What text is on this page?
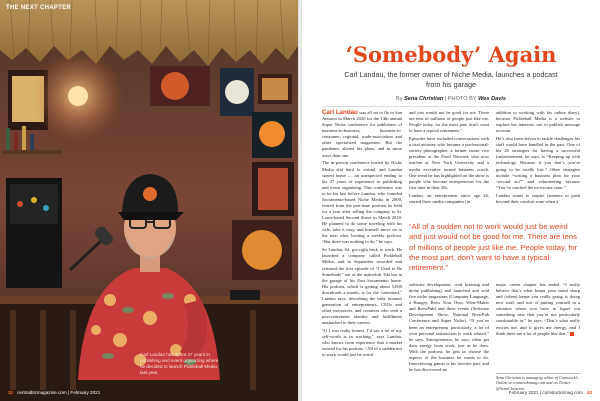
THE NEXT CHAPTER
Carl Landau has spent 37 years in publishing and event organizing where he decided to launch Pickleball Media last year.
32 centralbizmagazine.com | February 2021
‘Somebody’ Again
Carl Landau, the former owner of Niche Media, launches a podcast from his garage
By Sena Christian | PHOTO BY Wes Davis

Carl Landau was all set to fly to San Antonio in March 2020 for the 14th annual Super Niche conference for publishers of business-to-business, business-to-consumer, regional, trade-association and other specialized magazines. But the pandemic altered his plans, and in more ways than one.

The in-person conference hosted by Niche Media slid hard to virtual, and Landau stayed home — an unexpected ending to his 37 years of experience in publishing and event organizing. This conference was to be his last before Landau, who founded Sacramento-based Niche Media in 2000, retired from the part-time position he held for a year after selling the company to St. Louis-based Second Street in March 2019. He planned to do some traveling with his wife, take it easy, and himself move on to the next idea, hosting a weekly podcast. “But there was nothing to do,” he says.

So Landau, 64, got right back to work. He launched a company called Pickleball Media, and in September recorded and released the first episode of “I Used to Be Somebody” out of the makeshift Tiki bar in the garage of his East Sacramento home. His podcast, which is getting about 5,000 downloads a month, is for the “unretired,” Landau says, describing the baby boomer generation of entrepreneurs, CEOs and other executives, and creatives who seek a post-retirement identity and fulfillment unattached to their careers.

“If I was really honest, I’d say a lot of my self-worth is in working,” says Landau, who knows from experience that a market existed for his podcast. “All of a sudden not to work would just be weird

and just would not be good for me. There are tens of millions of people just like me. People today, for the most part, don’t want to have a typical retirement.”

Episodes have included conversations with a trial attorney who became a professional-variety photographer, a former cruise vice president at the Food Network who now teaches at New York University and a media executive turned business coach. One trend he has highlighted on the show is people who become entrepreneurs for the first time in their 50s.

Landau, an entrepreneur since age 26, started three media companies (in

addition to working with his online diary), because Pickleball Media is a website to explore his interests, not to publish message account.

He’s also been driven to tackle challenges his staff would have handled in the past. One of his 20 strategies for having a successful (un)retirement, he says, is “Keeping up with technology. Because if you don’t, you’re going to be totally lost.” Other strategies include “writing a business plan for your ‘second act’” and volunteering because “You’ve reached the no-excuse zone.”

Landau wants to inspire listeners to push beyond their comfort zone when a

“All of a sudden not to work would just be weird and just would not be good for me. There are tens of millions of people just like me. People today, for the most part, don’t want to have a typical retirement.”

software development, craft brewing and niche publishing) and launched and sold five niche magazines (Computer Language, a Hungry, Brew Your Own, Wine-Maker and BrewPub) and three events (Software Development Show, National BrewPub Conference and Super Niche). “If you’ve been an entrepreneur particularly, a lot of your personal satisfaction is work related,” he says. Entrepreneurs, he says, often get their energy from work, just as he does. With the podcast, he gets to choose the aspects of the business he wants to do. Interviewing guests is his favorite part, and he has discovered an

major career chapter has ended. “I really believe that’s what keeps your mind sharp and (when) keeps you really going is doing new stuff, and sort of putting yourself in a situation where you have to figure out something new that you’re not particularly comfortable in,” he says. “That’s what really excites me, and it gives me energy, and I think there are a lot of people like that.”

Sena Christian is managing editor of Comstock’s. Online at comstocksmag.com and on Twitter @SenaChristian.
February 2021 | comstocksmag.com 43
